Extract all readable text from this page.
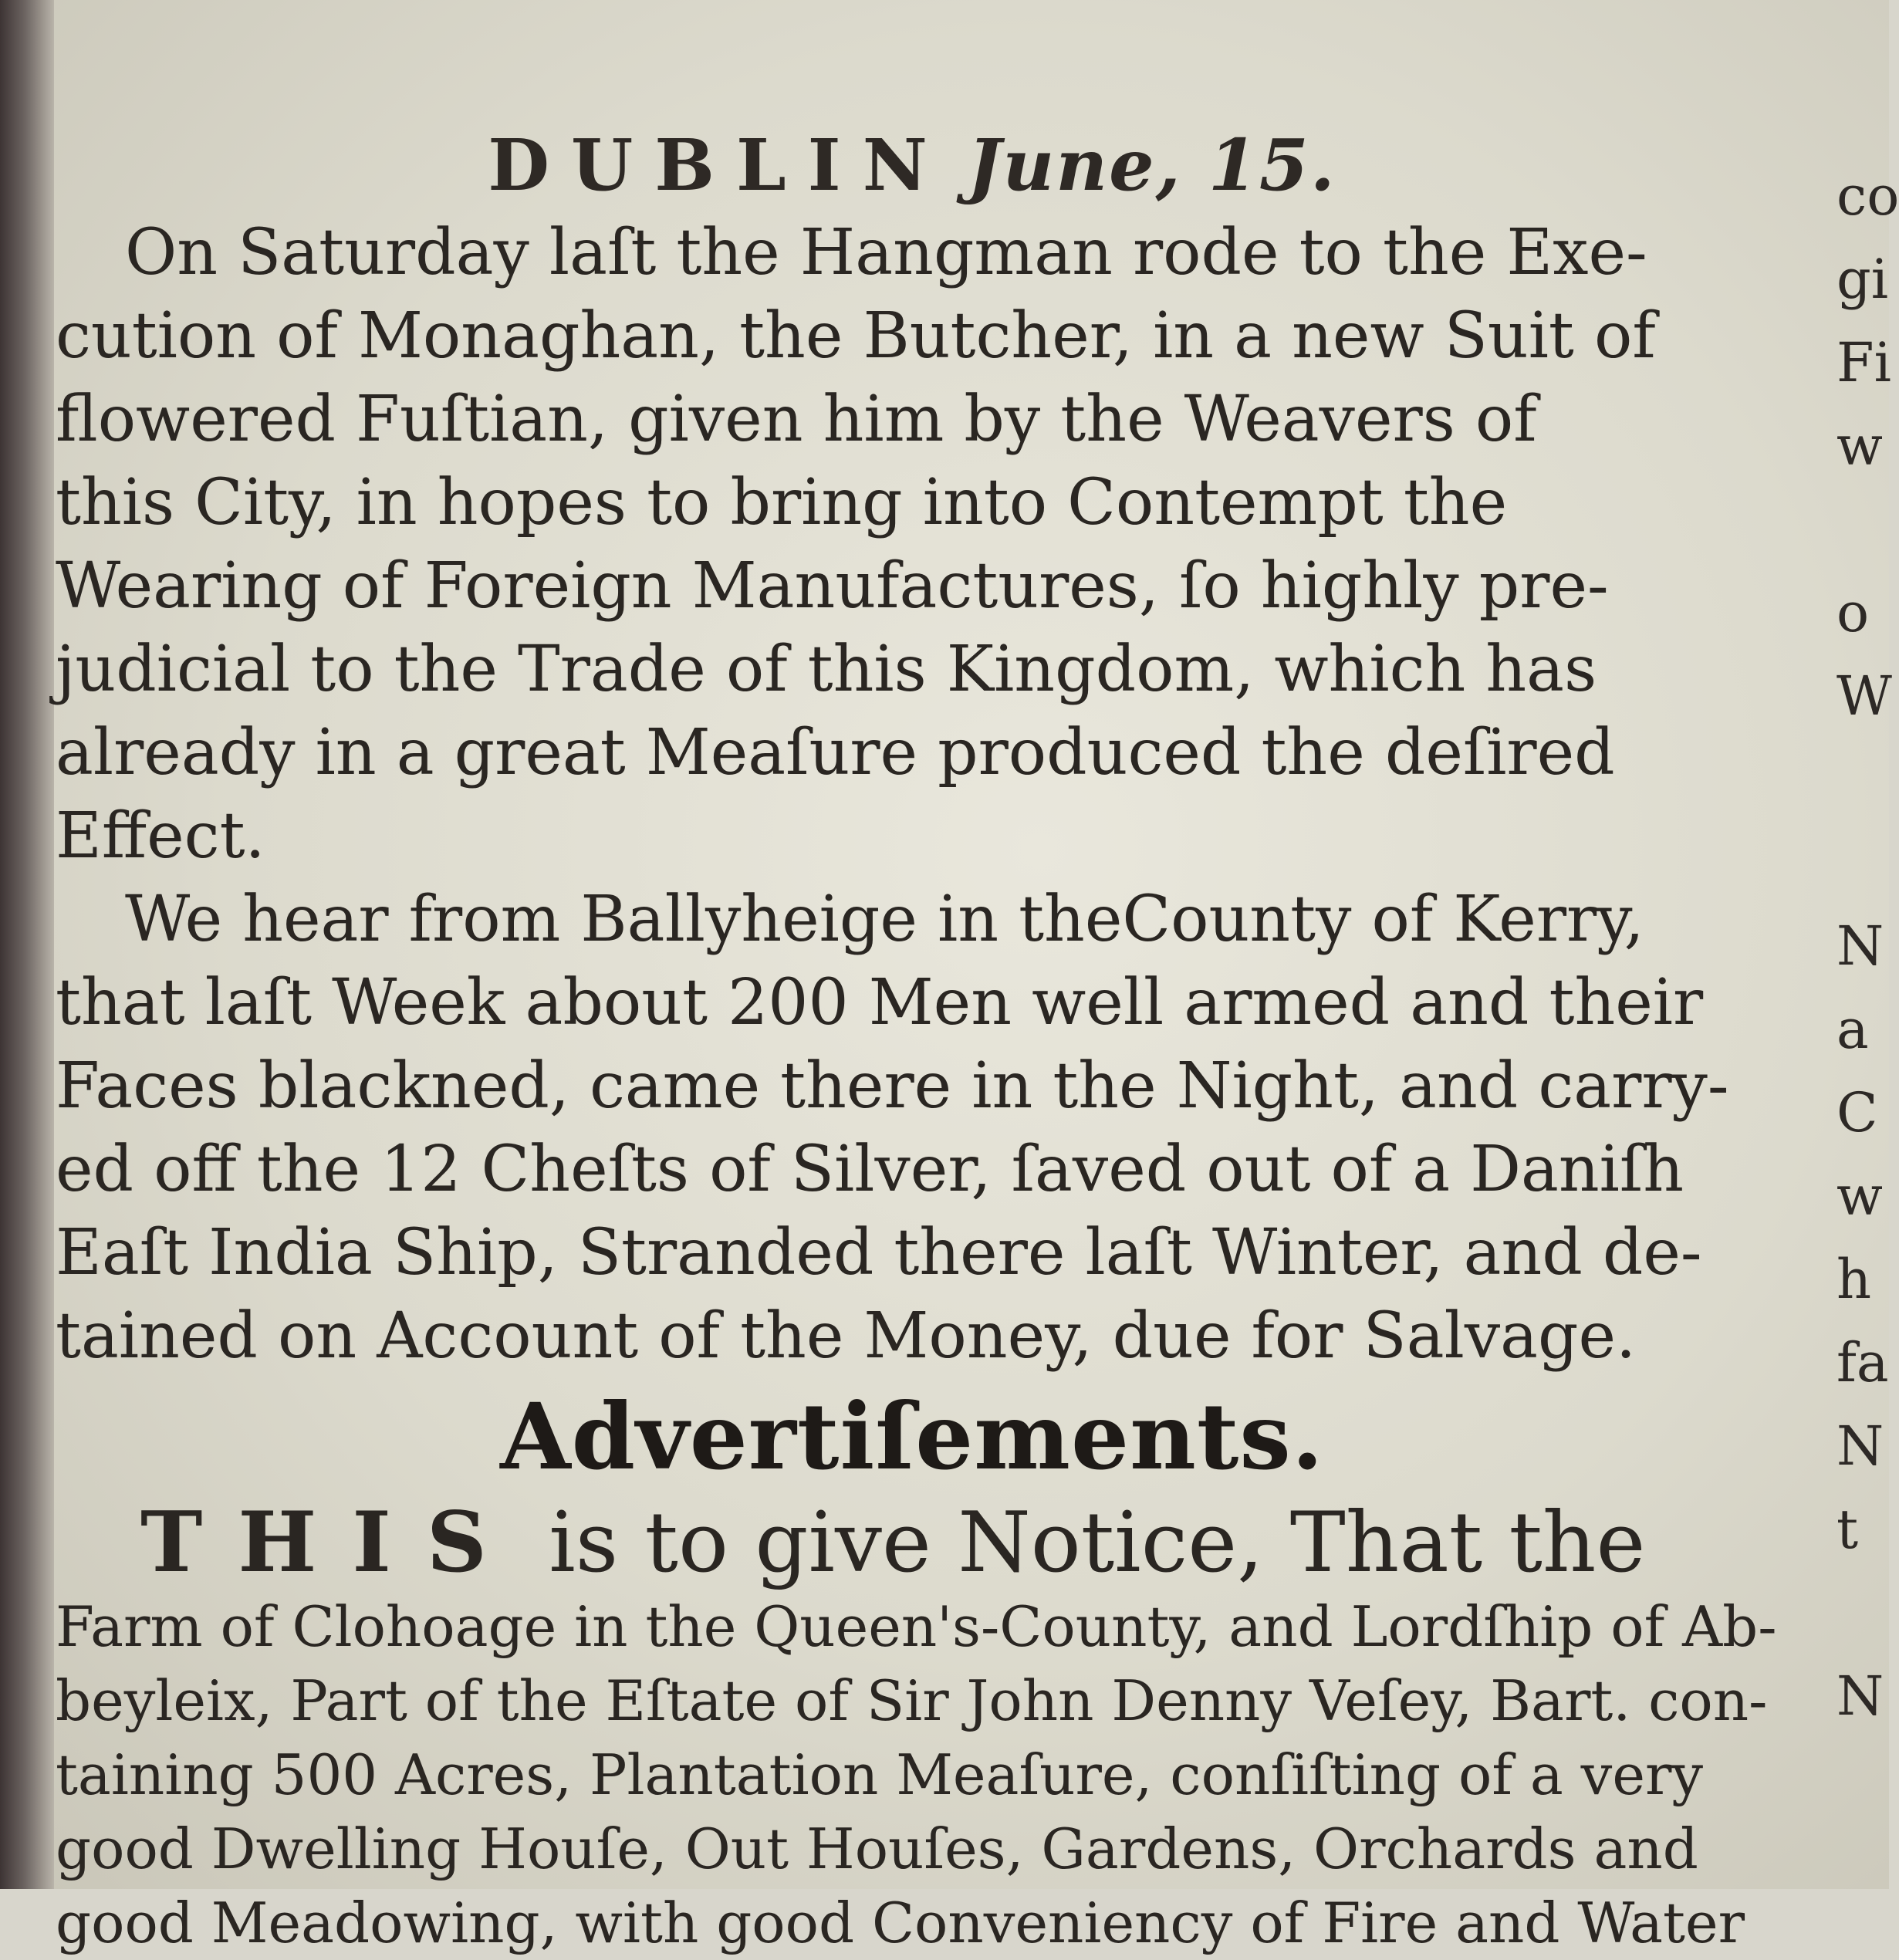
DUBLIN June, 15.

On Saturday laſt the Hangman rode to the Exe-
cution of Monaghan, the Butcher, in a new Suit of
flowered Fuſtian, given him by the Weavers of
this City, in hopes to bring into Contempt the
Wearing of Foreign Manufactures, ſo highly pre-
judicial to the Trade of this Kingdom, which has
already in a great Meaſure produced the deſired
Effect.

We hear from Ballyheige in theCounty of Kerry,
that laſt Week about 200 Men well armed and their
Faces blackned, came there in the Night, and carry-
ed off the 12 Cheſts of Silver, ſaved out of a Daniſh
Eaſt India Ship, Stranded there laſt Winter, and de-
tained on Account of the Money, due for Salvage.

Advertiſements.

THIS is to give Notice, That the

Farm of Clohoage in the Queen's-County, and Lordſhip of Ab-
beyleix, Part of the Eſtate of Sir John Denny Veſey, Bart. con-
taining 500 Acres, Plantation Meaſure, conſiſting of a very
good Dwelling Houſe, Out Houſes, Gardens, Orchards and
good Meadowing, with good Conveniency of Fire and Water

co
gi
Fi
w

o
W

N
a
C
w
h
fa
N
t

N
